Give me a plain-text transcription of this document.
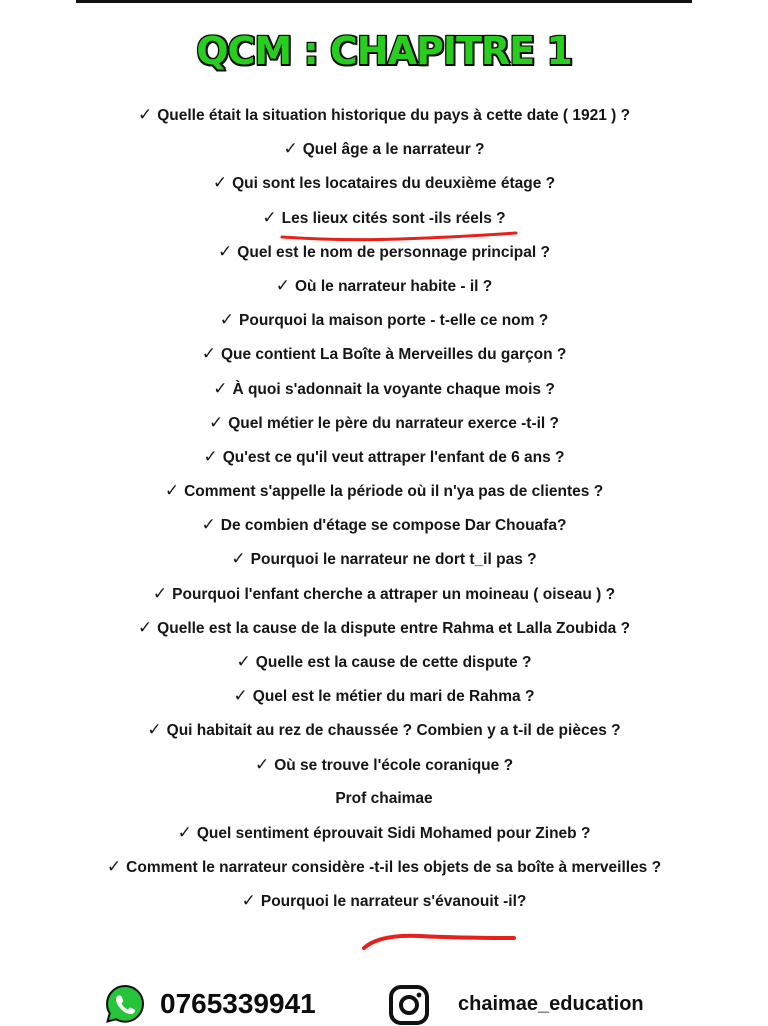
QCM : CHAPITRE 1
✓ Quelle était la situation historique du pays à cette date ( 1921 ) ?
✓ Quel âge a le narrateur ?
✓ Qui sont les locataires du deuxième étage ?
✓ Les lieux cités sont -ils réels ?
✓ Quel est le nom de personnage principal ?
✓ Où le narrateur habite - il ?
✓ Pourquoi la maison porte - t-elle ce nom ?
✓ Que contient La Boîte à Merveilles du garçon ?
✓ À quoi s'adonnait la voyante chaque mois ?
✓ Quel métier le père du narrateur exerce -t-il ?
✓ Qu'est ce qu'il veut attraper l'enfant de 6 ans ?
✓ Comment s'appelle la période où il n'ya pas de clientes ?
✓ De combien d'étage se compose Dar Chouafa?
✓ Pourquoi le narrateur ne dort t_il pas ?
✓ Pourquoi l'enfant cherche a attraper un moineau ( oiseau ) ?
✓ Quelle est la cause de la dispute entre Rahma et Lalla Zoubida ?
✓ Quelle est la cause de cette dispute ?
✓ Quel est le métier du mari de Rahma ?
✓ Qui habitait au rez de chaussée ? Combien y a t-il de pièces ?
✓ Où se trouve l'école coranique ?
Prof chaimae
✓ Quel sentiment éprouvait Sidi Mohamed pour Zineb ?
✓ Comment le narrateur considère -t-il les objets de sa boîte à merveilles ?
✓ Pourquoi le narrateur s'évanouit -il?
0765339941	chaimae_education
